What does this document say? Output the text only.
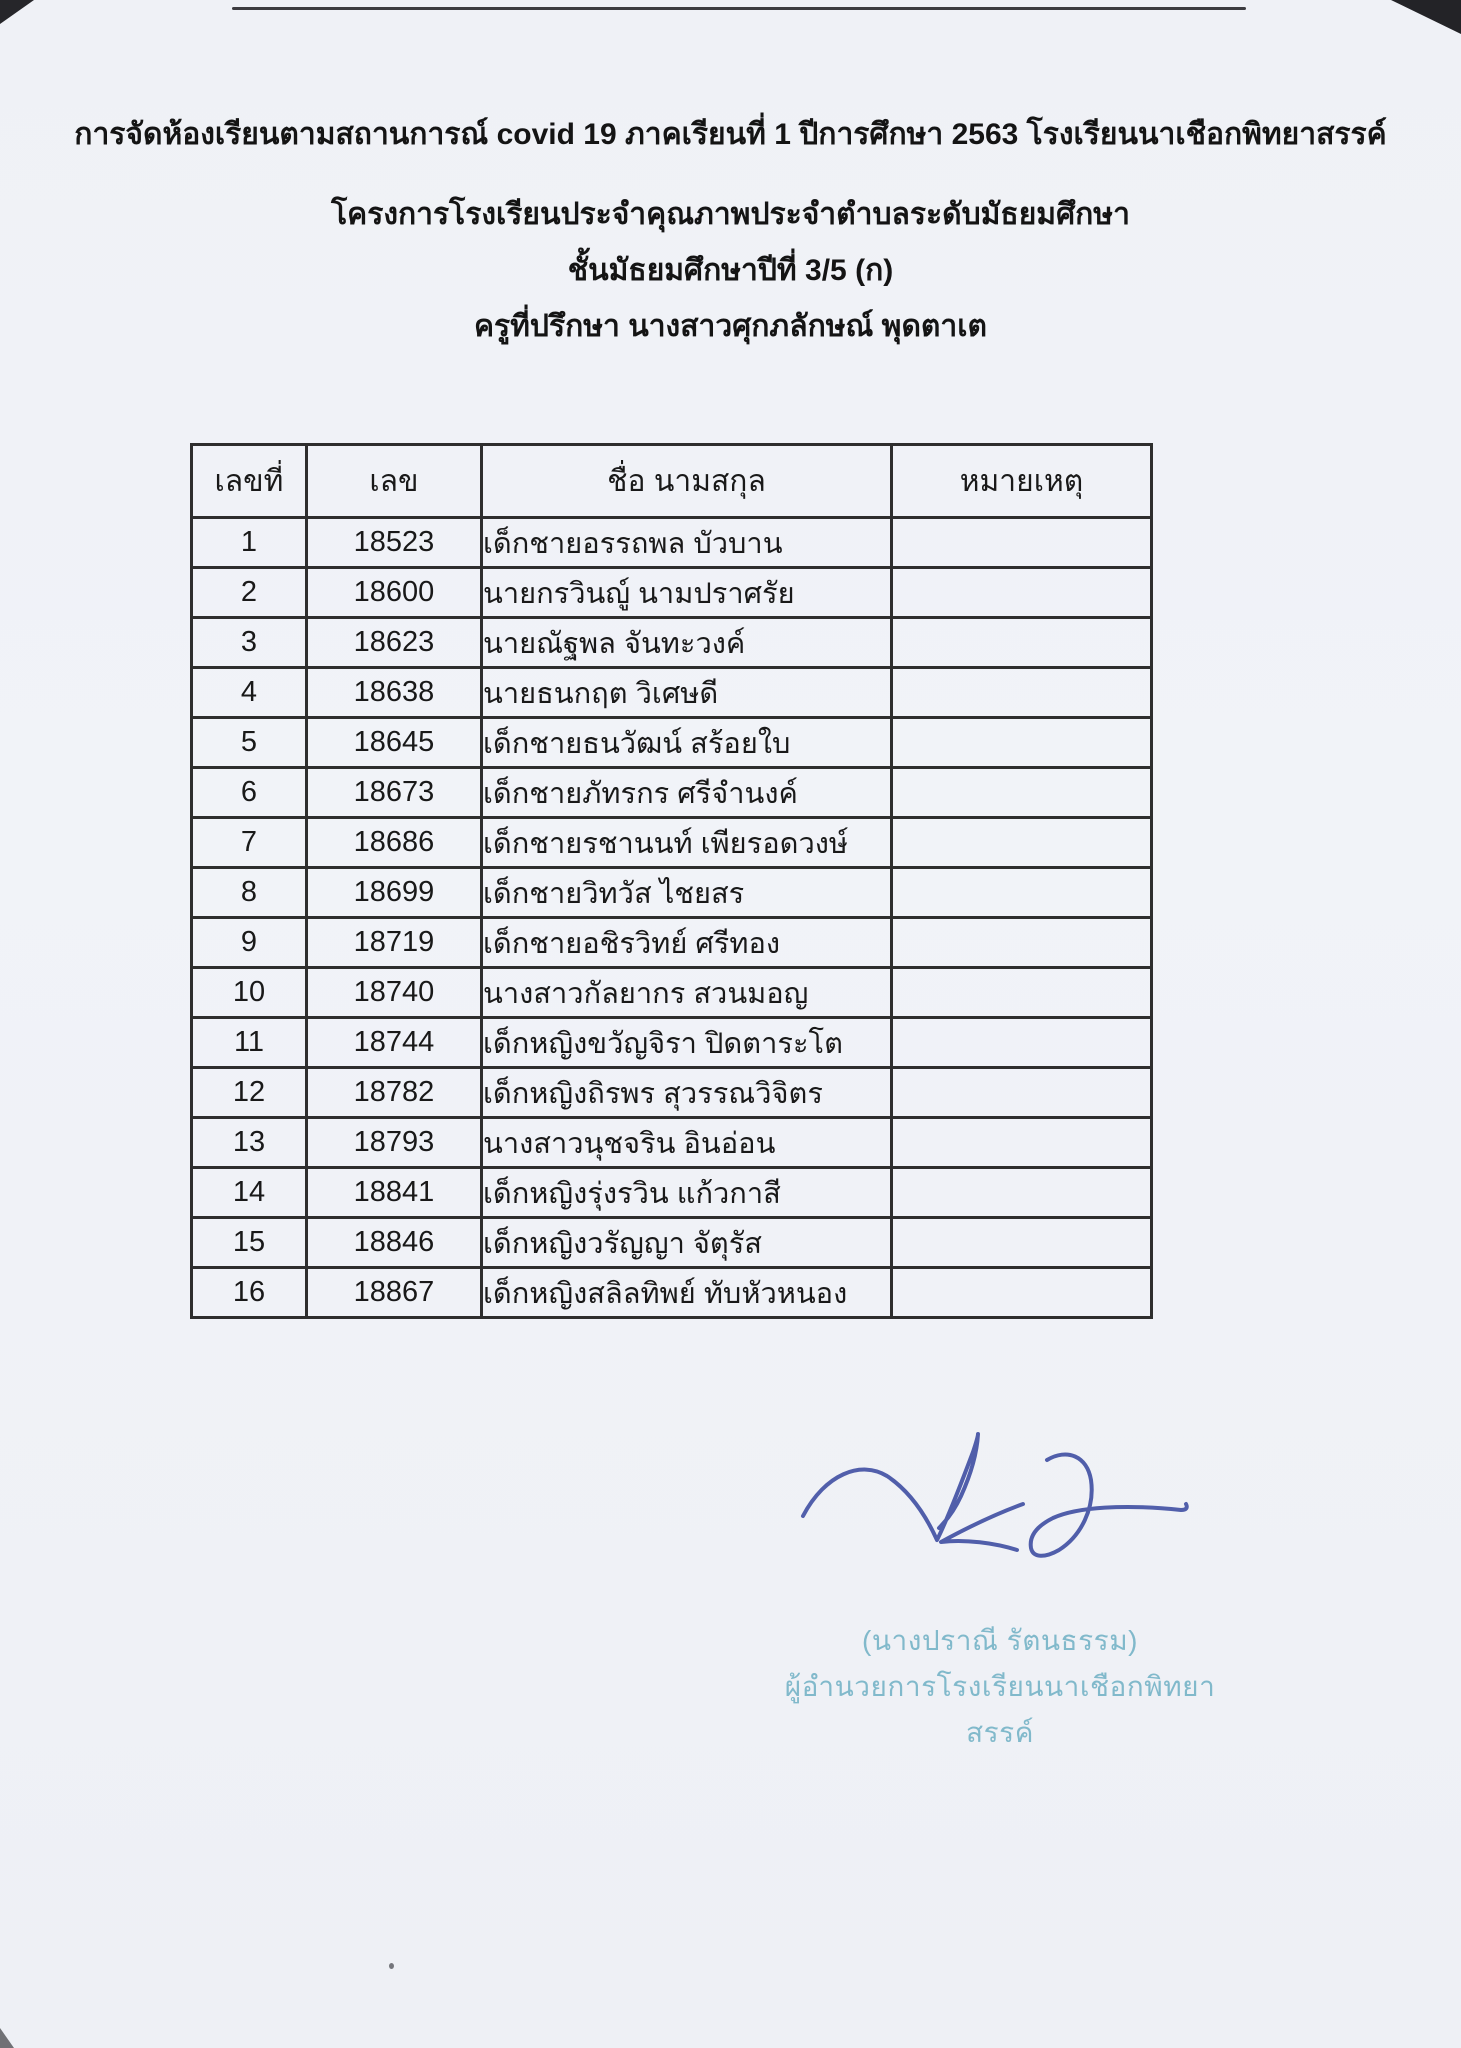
การจัดห้องเรียนตามสถานการณ์ covid 19 ภาคเรียนที่ 1 ปีการศึกษา 2563 โรงเรียนนาเชือกพิทยาสรรค์
โครงการโรงเรียนประจำคุณภาพประจำตำบลระดับมัธยมศึกษา
ชั้นมัธยมศึกษาปีที่ 3/5 (ก)
ครูที่ปรึกษา นางสาวศุกภลักษณ์ พุดตาเต
เลขที่	เลข	ชื่อ นามสกุล	หมายเหตุ
1	18523	เด็กชายอรรถพล บัวบาน	
2	18600	นายกรวินญู์ นามปราศรัย	
3	18623	นายณัฐพล จันทะวงค์	
4	18638	นายธนกฤต วิเศษดี	
5	18645	เด็กชายธนวัฒน์ สร้อยใบ	
6	18673	เด็กชายภัทรกร ศรีจำนงค์	
7	18686	เด็กชายรชานนท์ เพียรอดวงษ์	
8	18699	เด็กชายวิทวัส ไชยสร	
9	18719	เด็กชายอชิรวิทย์ ศรีทอง	
10	18740	นางสาวกัลยากร สวนมอญ	
11	18744	เด็กหญิงขวัญจิรา ปิดตาระโต	
12	18782	เด็กหญิงถิรพร สุวรรณวิจิตร	
13	18793	นางสาวนุชจริน อินอ่อน	
14	18841	เด็กหญิงรุ่งรวิน แก้วกาสี	
15	18846	เด็กหญิงวรัญญา จัตุรัส	
16	18867	เด็กหญิงสลิลทิพย์ ทับหัวหนอง	
(นางปราณี รัตนธรรม)
ผู้อำนวยการโรงเรียนนาเชือกพิทยาสรรค์
